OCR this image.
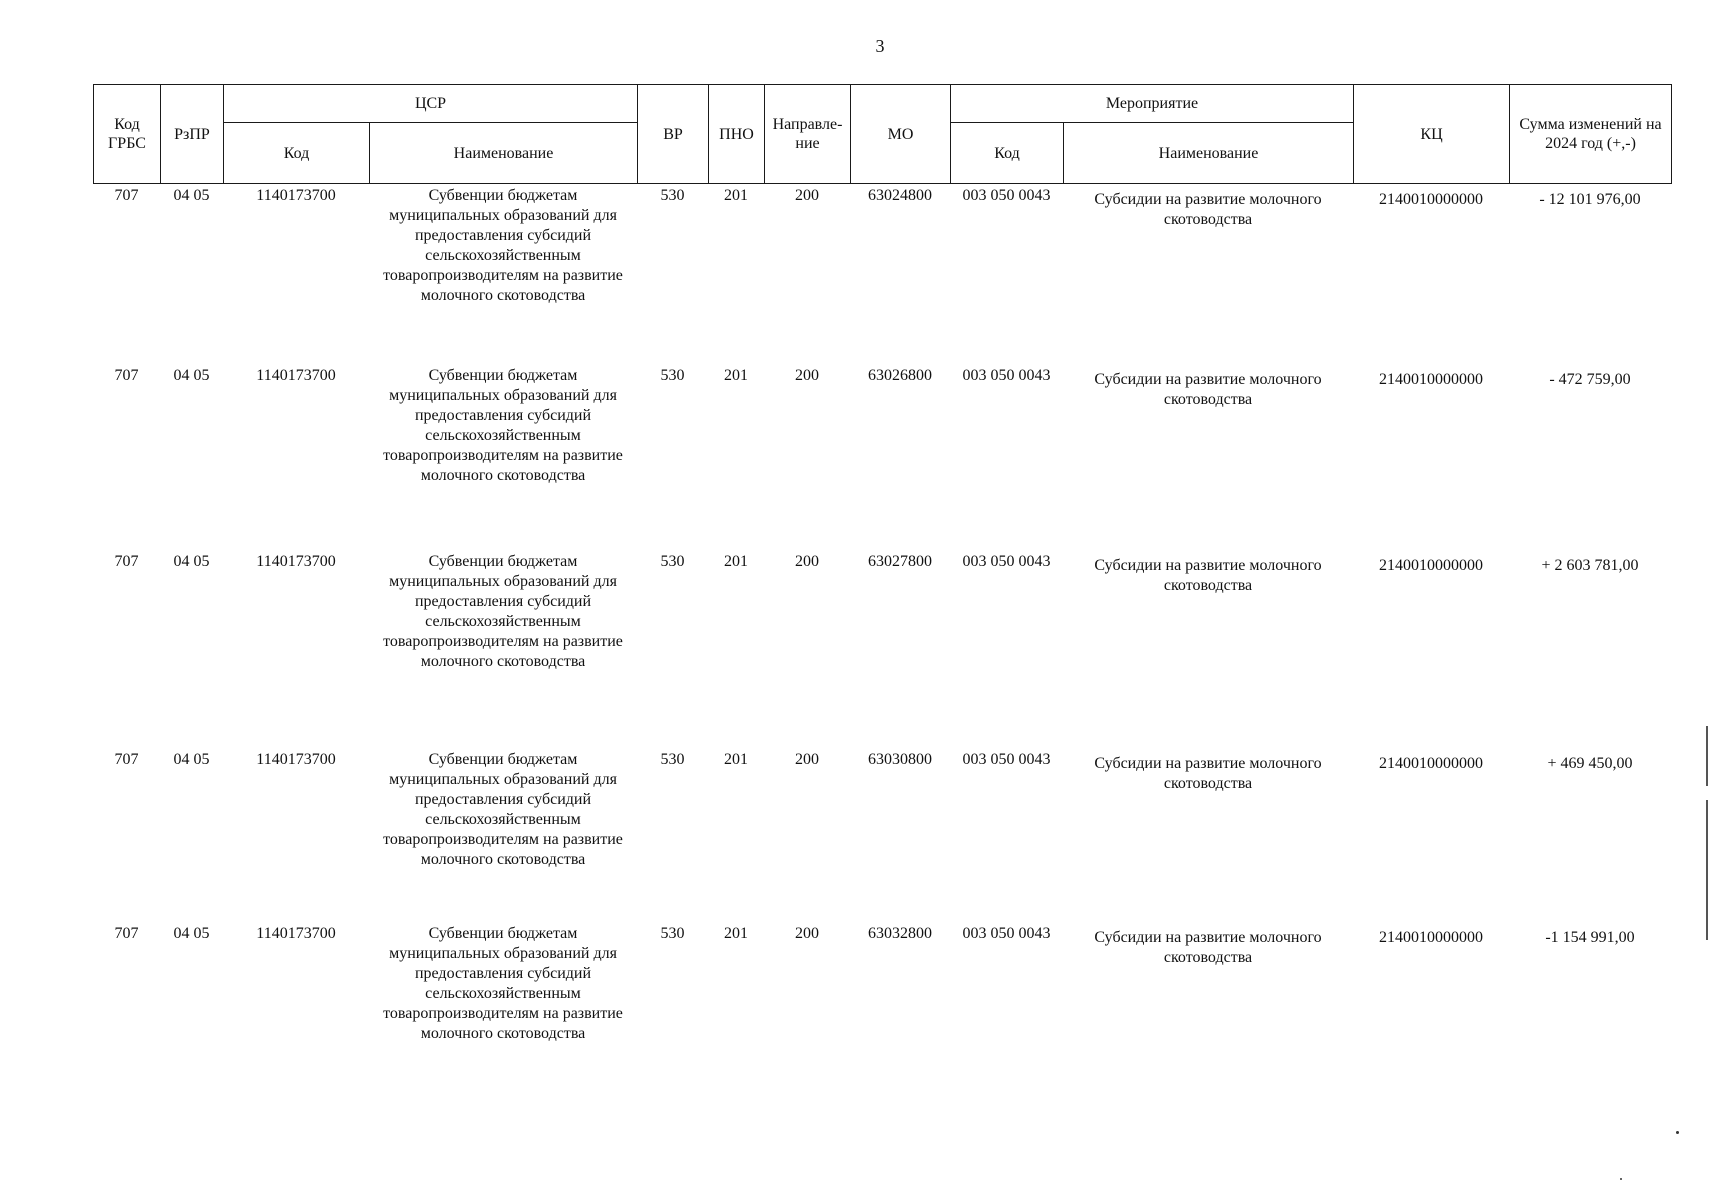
3
Код ГРБС	РзПР	ЦСР		ВР	ПНО	Направле-ние	МО	Мероприятие		КЦ	Сумма изменений на 2024 год (+,-)
		Код	Наименование					Код	Наименование		
707	04 05	1140173700	Субвенции бюджетам муниципальных образований для предоставления субсидий сельскохозяйственным товаропроизводителям на развитие молочного скотоводства	530	201	200	63024800	003 050 0043	Субсидии на развитие молочного скотоводства	2140010000000	- 12 101 976,00
707	04 05	1140173700	Субвенции бюджетам муниципальных образований для предоставления субсидий сельскохозяйственным товаропроизводителям на развитие молочного скотоводства	530	201	200	63026800	003 050 0043	Субсидии на развитие молочного скотоводства	2140010000000	- 472 759,00
707	04 05	1140173700	Субвенции бюджетам муниципальных образований для предоставления субсидий сельскохозяйственным товаропроизводителям на развитие молочного скотоводства	530	201	200	63027800	003 050 0043	Субсидии на развитие молочного скотоводства	2140010000000	+ 2 603 781,00
707	04 05	1140173700	Субвенции бюджетам муниципальных образований для предоставления субсидий сельскохозяйственным товаропроизводителям на развитие молочного скотоводства	530	201	200	63030800	003 050 0043	Субсидии на развитие молочного скотоводства	2140010000000	+ 469 450,00
707	04 05	1140173700	Субвенции бюджетам муниципальных образований для предоставления субсидий сельскохозяйственным товаропроизводителям на развитие молочного скотоводства	530	201	200	63032800	003 050 0043	Субсидии на развитие молочного скотоводства	2140010000000	-1 154 991,00
